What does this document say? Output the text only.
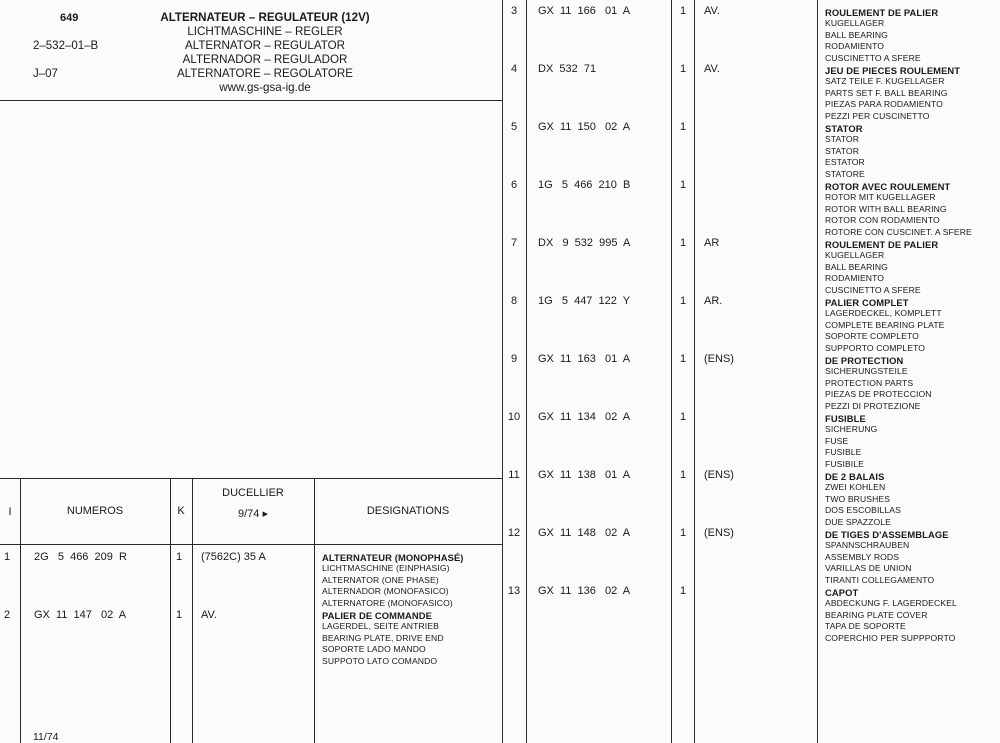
649
2–532–01–B
J–07
ALTERNATEUR – REGULATEUR (12V)
LICHTMASCHINE – REGLER
ALTERNATOR – REGULATOR
ALTERNADOR – REGULADOR
ALTERNATORE – REGOLATORE
www.gs-gsa-ig.de
I	NUMEROS	K
DUCELLIER
9/74 ▸	DESIGNATIONS
1	2G   5  466  209  R	1 (7562C) 35 A	ALTERNATEUR (MONOPHASÉ)
LICHTMASCHINE (EINPHASIG)
ALTERNATOR (ONE PHASE)
ALTERNADOR (MONOFASICO)
ALTERNATORE (MONOFASICO)
2	GX  11  147   02  A	1 AV.	PALIER DE COMMANDE
LAGERDEL, SEITE ANTRIEB
BEARING PLATE, DRIVE END
SOPORTE LADO MANDO
SUPPOTO LATO COMANDO
3	GX  11  166   01  A	1 AV.	ROULEMENT DE PALIER
KUGELLAGER
BALL BEARING
RODAMIENTO
CUSCINETTO A SFERE
4	DX  532  71	1 AV.	JEU DE PIECES ROULEMENT
SATZ TEILE F. KUGELLAGER
PARTS SET F. BALL BEARING
PIEZAS PARA RODAMIENTO
PEZZI PER CUSCINETTO
5	GX  11  150   02  A	1	STATOR
STATOR
STATOR
ESTATOR
STATORE
6	1G   5  466  210  B	1	ROTOR AVEC ROULEMENT
ROTOR MIT KUGELLAGER
ROTOR WITH BALL BEARING
ROTOR CON RODAMIENTO
ROTORE CON CUSCINET. A SFERE
7	DX   9  532  995  A	1 AR	ROULEMENT DE PALIER
KUGELLAGER
BALL BEARING
RODAMIENTO
CUSCINETTO A SFERE
8	1G   5  447  122  Y	1 AR.	PALIER COMPLET
LAGERDECKEL, KOMPLETT
COMPLETE BEARING PLATE
SOPORTE COMPLETO
SUPPORTO COMPLETO
9	GX  11  163   01  A	1 (ENS)	DE PROTECTION
SICHERUNGSTEILE
PROTECTION PARTS
PIEZAS DE PROTECCION
PEZZI DI PROTEZIONE
10	GX  11  134   02  A	1	FUSIBLE
SICHERUNG
FUSE
FUSIBLE
FUSIBILE
11	GX  11  138   01  A	1 (ENS)	DE 2 BALAIS
ZWEI KOHLEN
TWO BRUSHES
DOS ESCOBILLAS
DUE SPAZZOLE
12	GX  11  148   02  A	1 (ENS)	DE TIGES D'ASSEMBLAGE
SPANNSCHRAUBEN
ASSEMBLY RODS
VARILLAS DE UNION
TIRANTI COLLEGAMENTO
13	GX  11  136   02  A	1	CAPOT
ABDECKUNG F. LAGERDECKEL
BEARING PLATE COVER
TAPA DE SOPORTE
COPERCHIO PER SUPPPORTO
11/74
